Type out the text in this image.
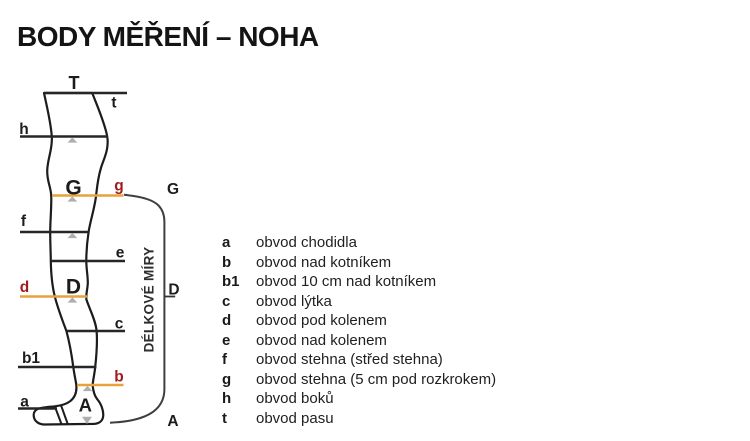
BODY MĚŘENÍ – NOHA
T
G
D
A
t
h
g
f
e
d
c
b1
b
a
G
D
A
DÉLKOVÉ MÍRY
a	obvod chodidla
b	obvod nad kotníkem
b1	obvod 10 cm nad kotníkem
c	obvod lýtka
d	obvod pod kolenem
e	obvod nad kolenem
f	obvod stehna (střed stehna)
g	obvod stehna (5 cm pod rozkrokem)
h	obvod boků
t	obvod pasu
